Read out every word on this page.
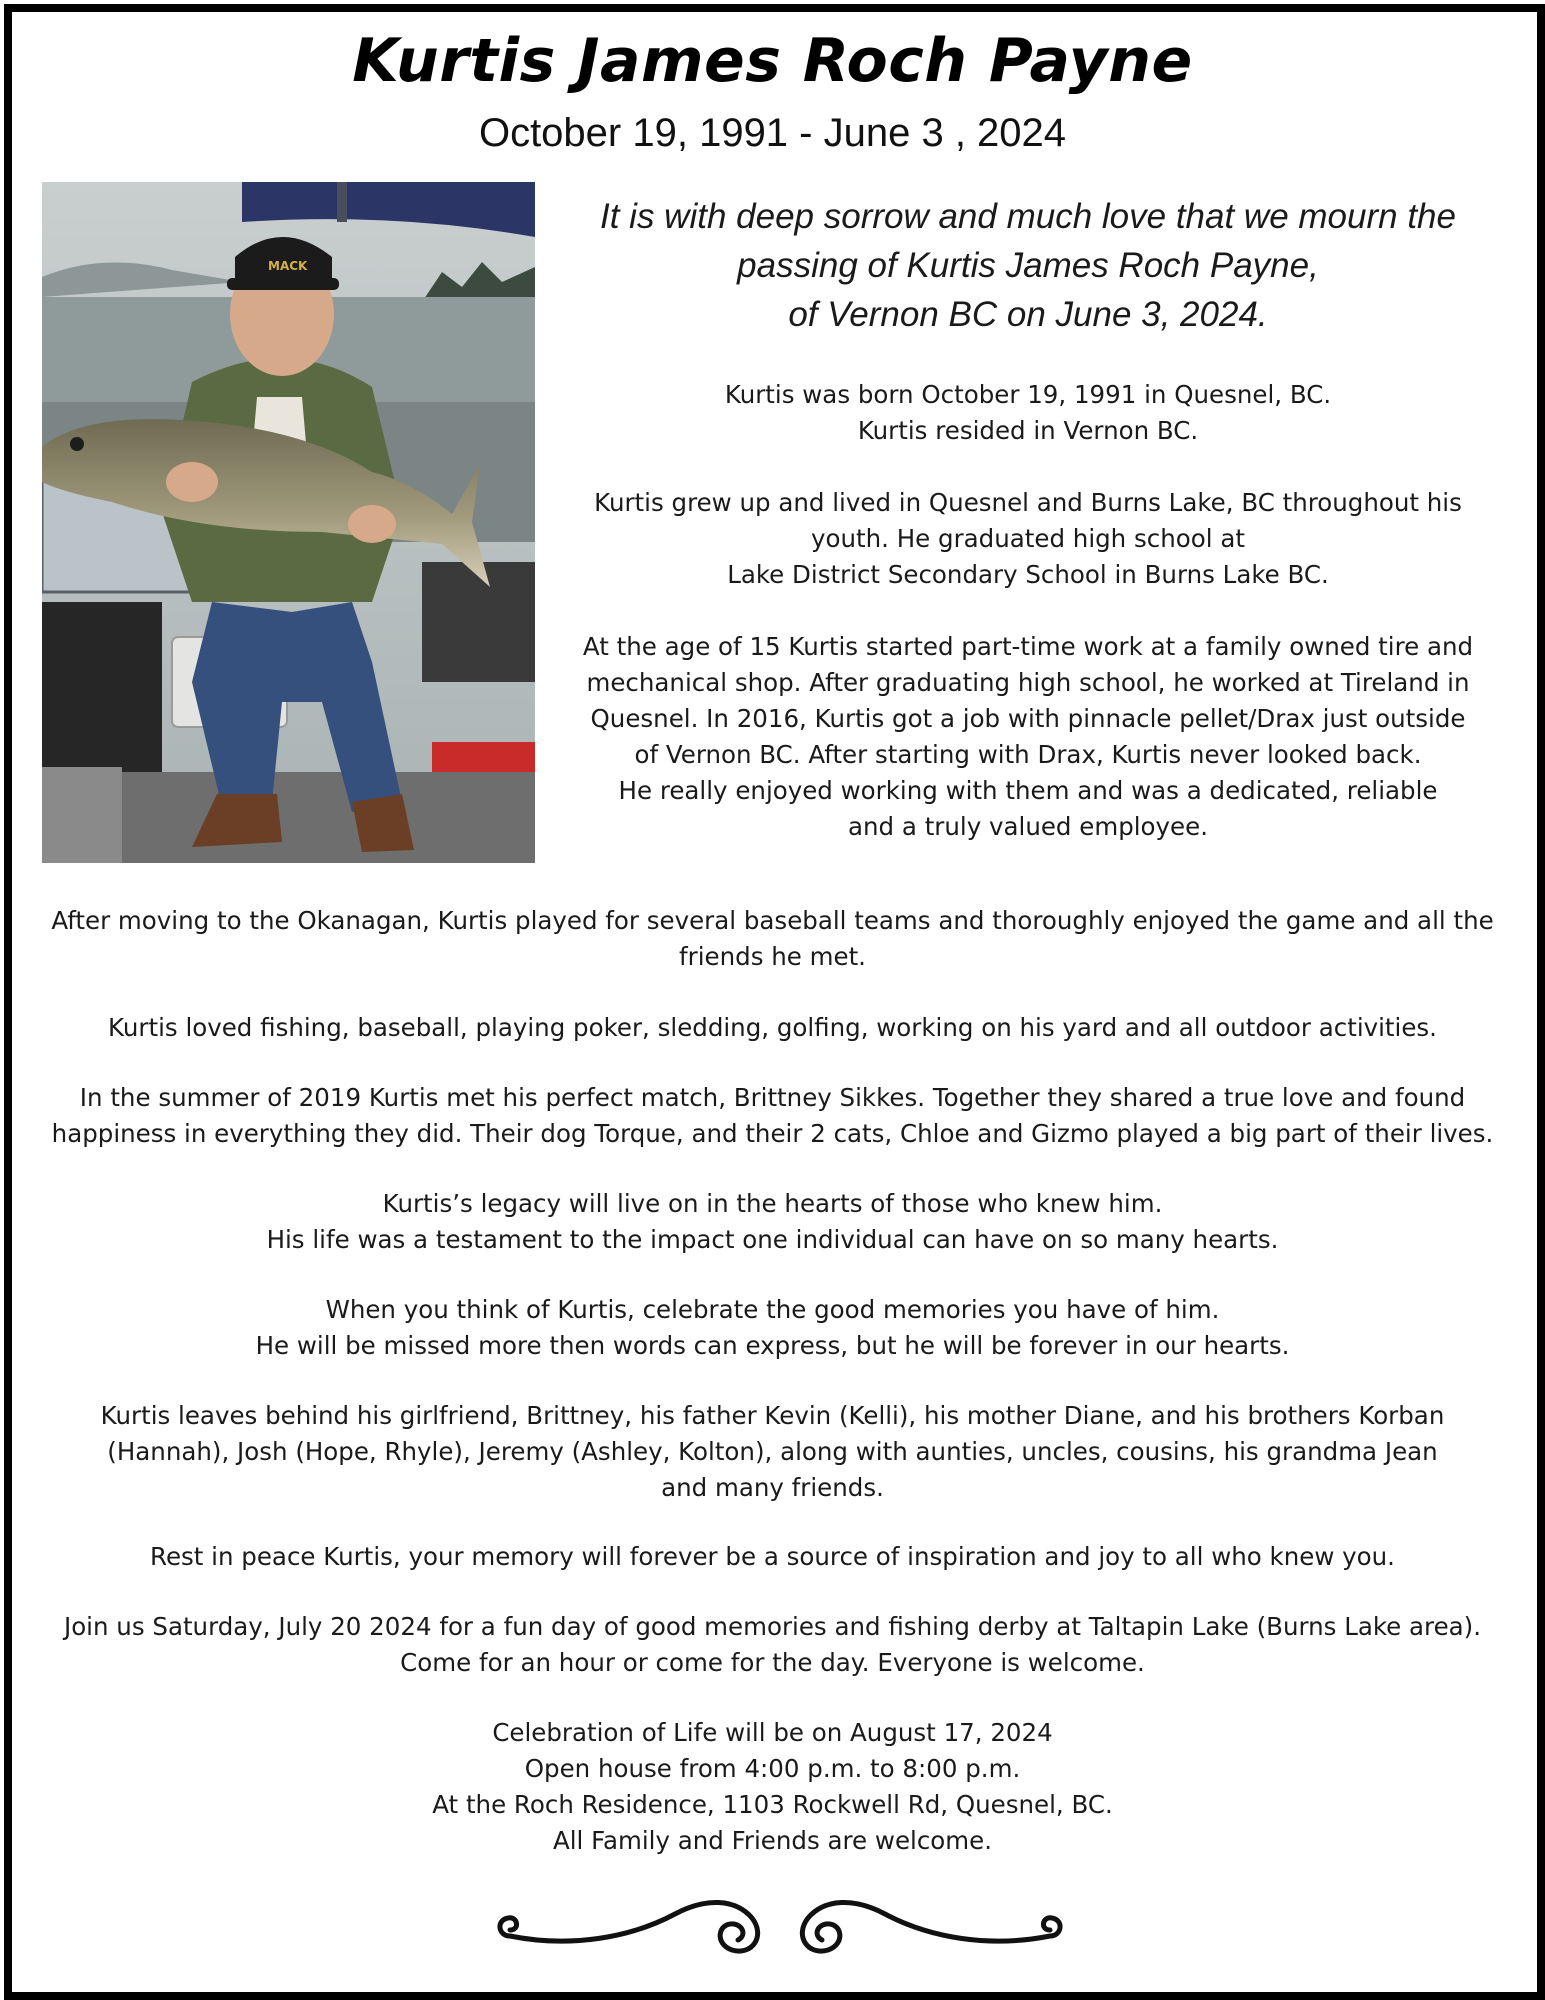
Kurtis James Roch Payne
October 19, 1991 - June 3 , 2024
MACK
It is with deep sorrow and much love that we mourn the
passing of Kurtis James Roch Payne,
of Vernon BC on June 3, 2024.
Kurtis was born October 19, 1991 in Quesnel, BC.
Kurtis resided in Vernon BC.
Kurtis grew up and lived in Quesnel and Burns Lake, BC throughout his
youth. He graduated high school at
Lake District Secondary School in Burns Lake BC.
At the age of 15 Kurtis started part-time work at a family owned tire and
mechanical shop. After graduating high school, he worked at Tireland in
Quesnel. In 2016, Kurtis got a job with pinnacle pellet/Drax just outside
of Vernon BC. After starting with Drax, Kurtis never looked back.
He really enjoyed working with them and was a dedicated, reliable
and a truly valued employee.
After moving to the Okanagan, Kurtis played for several baseball teams and thoroughly enjoyed the game and all the
friends he met.
Kurtis loved fishing, baseball, playing poker, sledding, golfing, working on his yard and all outdoor activities.
In the summer of 2019 Kurtis met his perfect match, Brittney Sikkes. Together they shared a true love and found
happiness in everything they did. Their dog Torque, and their 2 cats, Chloe and Gizmo played a big part of their lives.
Kurtis’s legacy will live on in the hearts of those who knew him.
His life was a testament to the impact one individual can have on so many hearts.
When you think of Kurtis, celebrate the good memories you have of him.
He will be missed more then words can express, but he will be forever in our hearts.
Kurtis leaves behind his girlfriend, Brittney, his father Kevin (Kelli), his mother Diane, and his brothers Korban
(Hannah), Josh (Hope, Rhyle), Jeremy (Ashley, Kolton), along with aunties, uncles, cousins, his grandma Jean
and many friends.
Rest in peace Kurtis, your memory will forever be a source of inspiration and joy to all who knew you.
Join us Saturday, July 20 2024 for a fun day of good memories and fishing derby at Taltapin Lake (Burns Lake area).
Come for an hour or come for the day. Everyone is welcome.
Celebration of Life will be on August 17, 2024
Open house from 4:00 p.m. to 8:00 p.m.
At the Roch Residence, 1103 Rockwell Rd, Quesnel, BC.
All Family and Friends are welcome.
